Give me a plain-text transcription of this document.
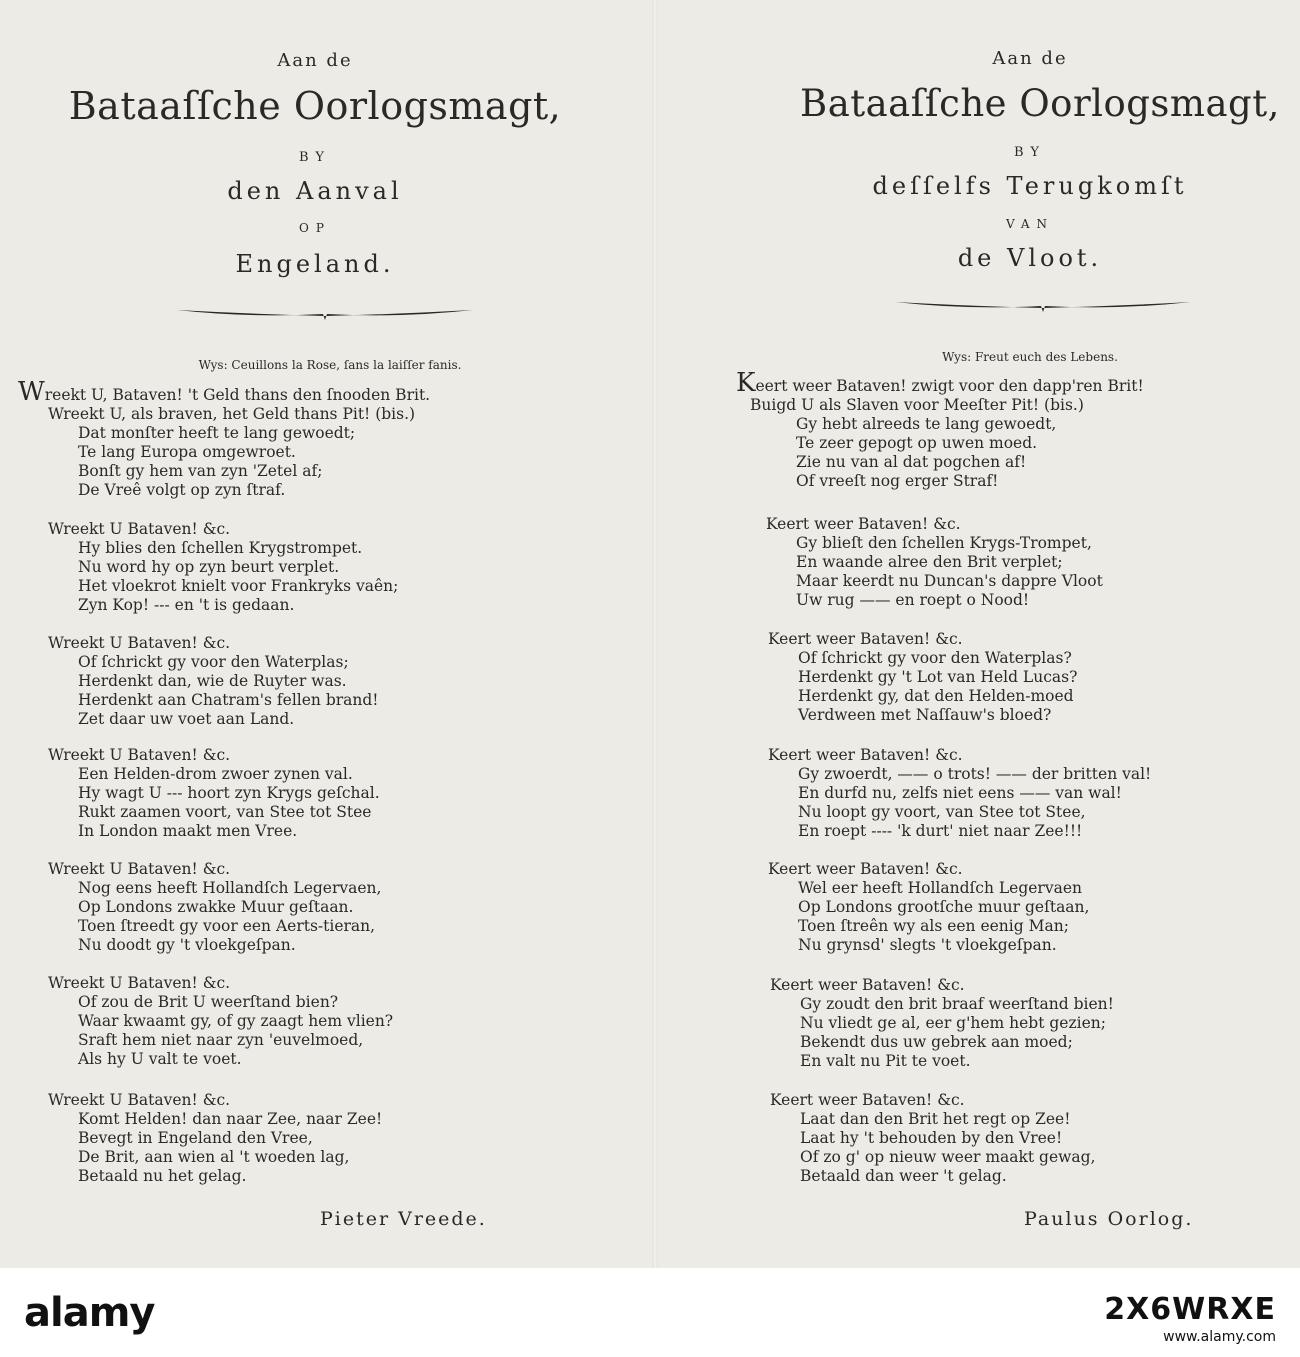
Aan de
Bataaſſche Oorlogsmagt,
BY
den Aanval
OP
Engeland.
Wys: Ceuillons la Rose, ſans la laiſſer fanis.
Wreekt U, Bataven! 't Geld thans den ſnooden Brit.
Wreekt U, als braven, het Geld thans Pit! (bis.)
Dat monſter heeft te lang gewoedt;
Te lang Europa omgewroet.
Bonſt gy hem van zyn 'Zetel af;
De Vreê volgt op zyn ſtraf.
Wreekt U Bataven! &c.
Hy blies den ſchellen Krygstrompet.
Nu word hy op zyn beurt verplet.
Het vloekrot knielt voor Frankryks vaên;
Zyn Kop! --- en 't is gedaan.
Wreekt U Bataven! &c.
Of ſchrickt gy voor den Waterplas;
Herdenkt dan, wie de Ruyter was.
Herdenkt aan Chatram's fellen brand!
Zet daar uw voet aan Land.
Wreekt U Bataven! &c.
Een Helden-drom zwoer zynen val.
Hy wagt U --- hoort zyn Krygs geſchal.
Rukt zaamen voort, van Stee tot Stee
In London maakt men Vree.
Wreekt U Bataven! &c.
Nog eens heeft Hollandſch Legervaen,
Op Londons zwakke Muur geſtaan.
Toen ſtreedt gy voor een Aerts-tieran,
Nu doodt gy 't vloekgeſpan.
Wreekt U Bataven! &c.
Of zou de Brit U weerſtand bien?
Waar kwaamt gy, of gy zaagt hem vlien?
Sraft hem niet naar zyn 'euvelmoed,
Als hy U valt te voet.
Wreekt U Bataven! &c.
Komt Helden! dan naar Zee, naar Zee!
Bevegt in Engeland den Vree,
De Brit, aan wien al 't woeden lag,
Betaald nu het gelag.
Pieter Vreede.
Aan de
Bataaſſche Oorlogsmagt,
BY
deſſelfs Terugkomſt
VAN
de Vloot.
Wys: Freut euch des Lebens.
Keert weer Bataven! zwigt voor den dapp'ren Brit!
Buigd U als Slaven voor Meeſter Pit! (bis.)
Gy hebt alreeds te lang gewoedt,
Te zeer gepogt op uwen moed.
Zie nu van al dat pogchen af!
Of vreeſt nog erger Straf!
Keert weer Bataven! &c.
Gy blieſt den ſchellen Krygs-Trompet,
En waande alree den Brit verplet;
Maar keerdt nu Duncan's dappre Vloot
Uw rug —— en roept o Nood!
Keert weer Bataven! &c.
Of ſchrickt gy voor den Waterplas?
Herdenkt gy 't Lot van Held Lucas?
Herdenkt gy, dat den Helden-moed
Verdween met Naſſauw's bloed?
Keert weer Bataven! &c.
Gy zwoerdt, —— o trots! —— der britten val!
En durfd nu, zelfs niet eens —— van wal!
Nu loopt gy voort, van Stee tot Stee,
En roept ---- 'k durt' niet naar Zee!!!
Keert weer Bataven! &c.
Wel eer heeft Hollandſch Legervaen
Op Londons grootſche muur geſtaan,
Toen ſtreên wy als een eenig Man;
Nu grynsd' slegts 't vloekgeſpan.
Keert weer Bataven! &c.
Gy zoudt den brit braaf weerſtand bien!
Nu vliedt ge al, eer g'hem hebt gezien;
Bekendt dus uw gebrek aan moed;
En valt nu Pit te voet.
Keert weer Bataven! &c.
Laat dan den Brit het regt op Zee!
Laat hy 't behouden by den Vree!
Of zo g' op nieuw weer maakt gewag,
Betaald dan weer 't gelag.
Paulus Oorlog.
alamy	2X6WRXE
www.alamy.com
